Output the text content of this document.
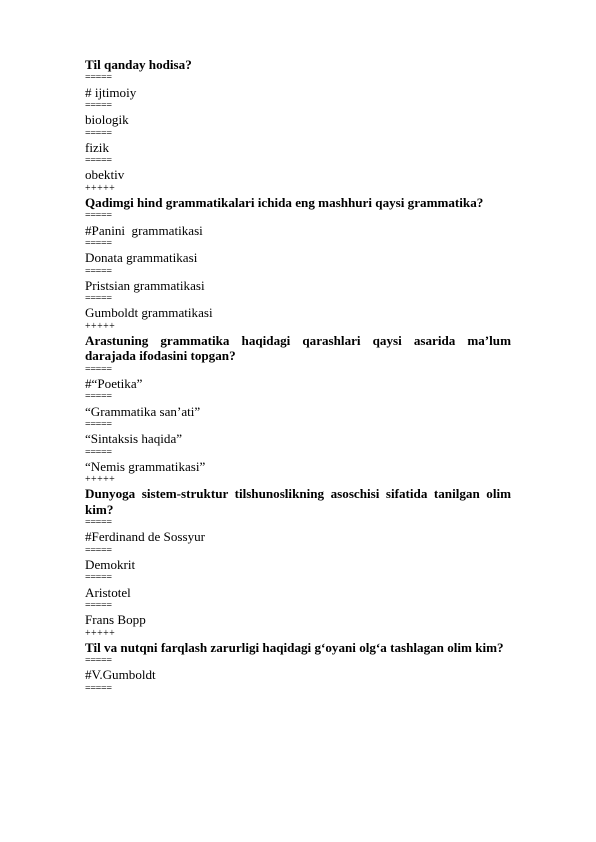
Til qanday hodisa?

=====

# ijtimoiy

=====

biologik

=====

fizik

=====

obektiv

+++++

Qadimgi hind grammatikalari ichida eng mashhuri qaysi grammatika?

=====

#Panini  grammatikasi

=====

Donata grammatikasi

=====

Pristsian grammatikasi

=====

Gumboldt grammatikasi

+++++

Arastuning grammatika haqidagi qarashlari qaysi asarida ma’lum darajada ifodasini topgan?

=====

#“Poetika”

=====

“Grammatika san’ati”

=====

“Sintaksis haqida”

=====

“Nemis grammatikasi”

+++++

Dunyoga sistem-struktur tilshunoslikning asoschisi sifatida tanilgan olim kim?

=====

#Ferdinand de Sossyur

=====

Demokrit

=====

Aristotel

=====

Frans Bopp

+++++

Til va nutqni farqlash zarurligi haqidagi g‘oyani olg‘a tashlagan olim kim?

=====

#V.Gumboldt

=====
